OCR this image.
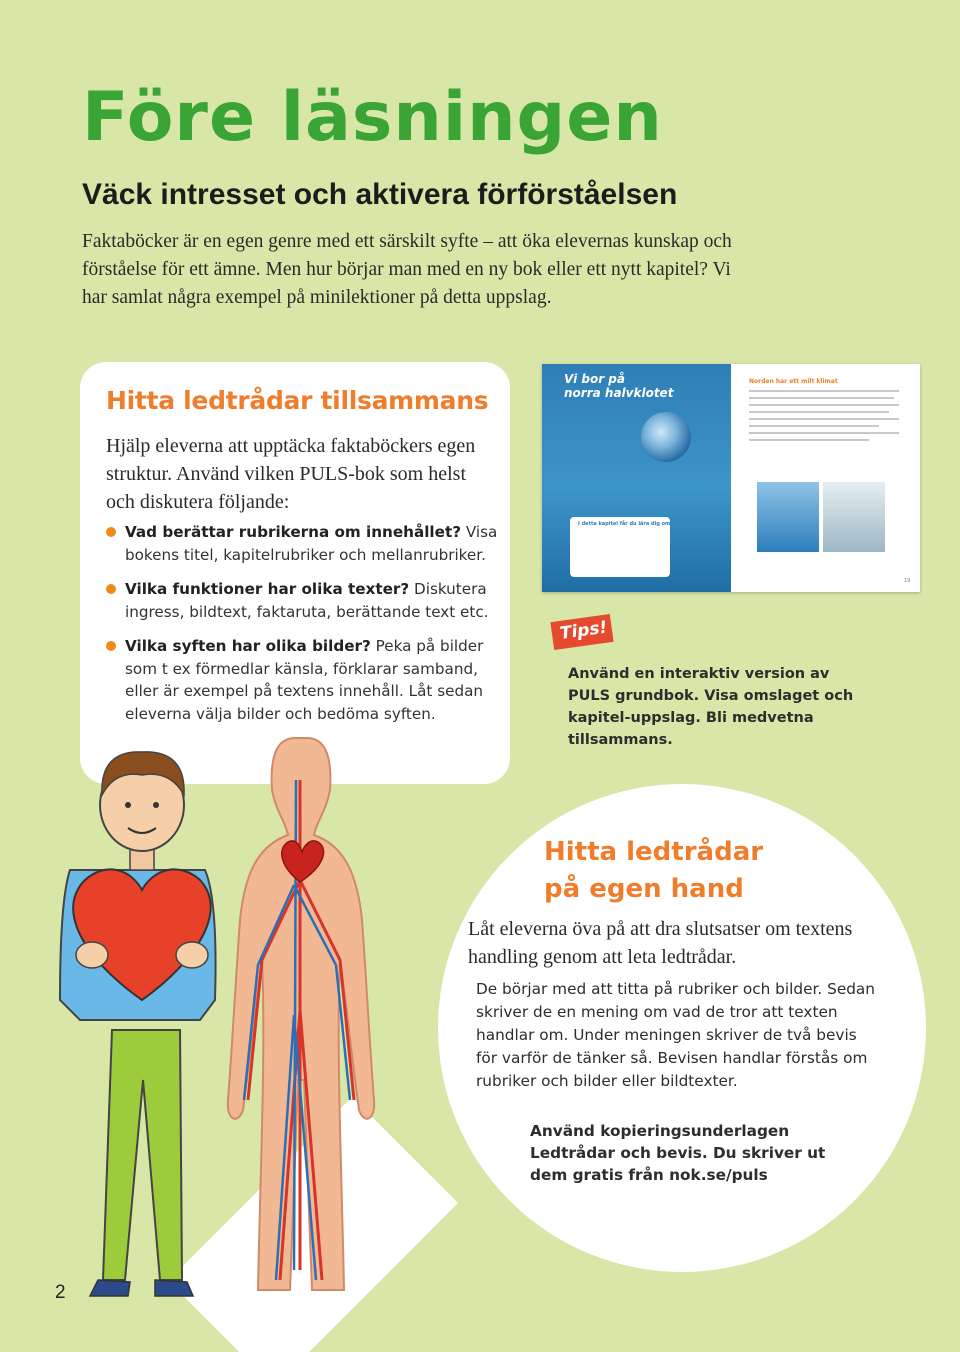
Före läsningen
Väck intresset och aktivera förförståelsen

Faktaböcker är en egen genre med ett särskilt syfte – att öka elevernas kunskap och förståelse för ett ämne. Men hur börjar man med en ny bok eller ett nytt kapitel? Vi har samlat några exempel på minilektioner på detta uppslag.

Hitta ledtrådar tillsammans

Hjälp eleverna att upptäcka faktaböckers egen struktur. Använd vilken PULS-bok som helst och diskutera följande:

Vad berättar rubrikerna om innehållet? Visa bokens titel, kapitelrubriker och mellanrubriker.
Vilka funktioner har olika texter? Diskutera ingress, bildtext, faktaruta, berättande text etc.
Vilka syften har olika bilder? Peka på bilder som t ex förmedlar känsla, förklarar samband, eller är exempel på textens innehåll. Låt sedan eleverna välja bilder och bedöma syften.

Vi bor på
norra halvklotet

I detta kapitel får du lära dig om:

Norden har ett milt klimat

19

Tips!

Använd en interaktiv version av PULS grundbok. Visa omslaget och kapitel-uppslag. Bli medvetna tillsammans.

Hitta ledtrådar
på egen hand

Låt eleverna öva på att dra slutsatser om textens handling genom att leta ledtrådar.

De börjar med att titta på rubriker och bilder. Sedan skriver de en mening om vad de tror att texten handlar om. Under meningen skriver de två bevis för varför de tänker så. Bevisen handlar förstås om rubriker och bilder eller bildtexter.

Använd kopieringsunderlagen Ledtrådar och bevis. Du skriver ut dem gratis från nok.se/puls

2
